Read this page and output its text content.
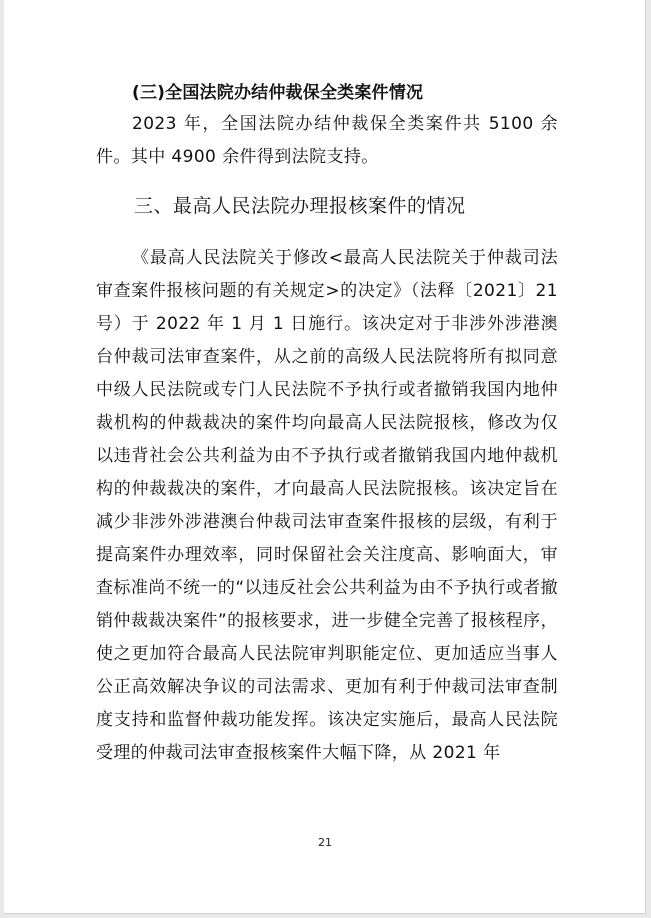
(三)全国法院办结仲裁保全类案件情况

2023 年，全国法院办结仲裁保全类案件共 5100 余件。其中 4900 余件得到法院支持。

三、最高人民法院办理报核案件的情况

《最高人民法院关于修改<最高人民法院关于仲裁司法审查案件报核问题的有关规定>的决定》（法释〔2021〕21 号）于 2022 年 1 月 1 日施行。该决定对于非涉外涉港澳台仲裁司法审查案件，从之前的高级人民法院将所有拟同意中级人民法院或专门人民法院不予执行或者撤销我国内地仲裁机构的仲裁裁决的案件均向最高人民法院报核，修改为仅以违背社会公共利益为由不予执行或者撤销我国内地仲裁机构的仲裁裁决的案件，才向最高人民法院报核。该决定旨在减少非涉外涉港澳台仲裁司法审查案件报核的层级，有利于提高案件办理效率，同时保留社会关注度高、影响面大，审查标准尚不统一的“以违反社会公共利益为由不予执行或者撤销仲裁裁决案件”的报核要求，进一步健全完善了报核程序，使之更加符合最高人民法院审判职能定位、更加适应当事人公正高效解决争议的司法需求、更加有利于仲裁司法审查制度支持和监督仲裁功能发挥。该决定实施后，最高人民法院受理的仲裁司法审查报核案件大幅下降，从 2021 年

21
